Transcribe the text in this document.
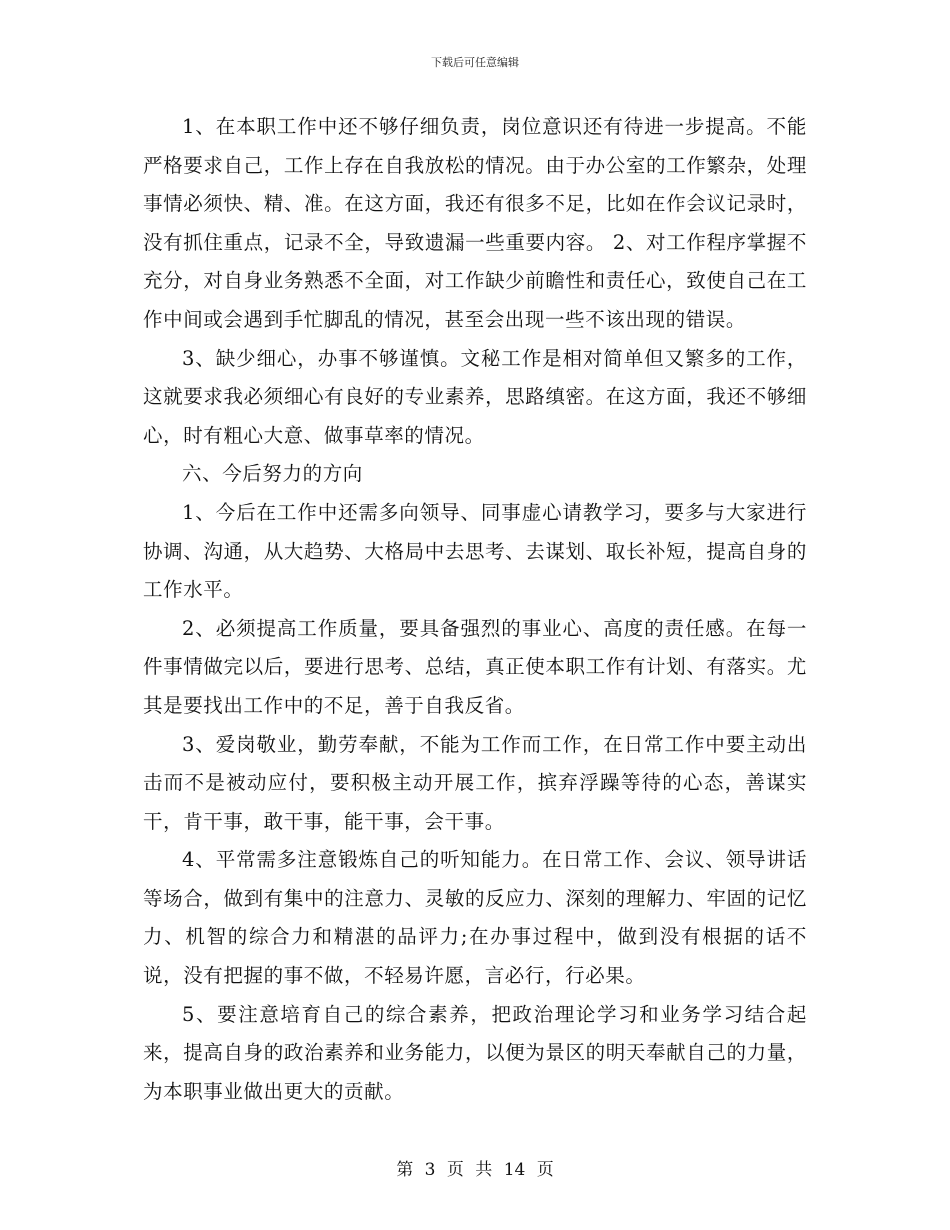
下载后可任意编辑

1、在本职工作中还不够仔细负责，岗位意识还有待进一步提高。不能严格要求自己，工作上存在自我放松的情况。由于办公室的工作繁杂，处理事情必须快、精、准。在这方面，我还有很多不足，比如在作会议记录时，没有抓住重点，记录不全，导致遗漏一些重要内容。 2、对工作程序掌握不充分，对自身业务熟悉不全面，对工作缺少前瞻性和责任心，致使自己在工作中间或会遇到手忙脚乱的情况，甚至会出现一些不该出现的错误。

3、缺少细心，办事不够谨慎。文秘工作是相对简单但又繁多的工作，这就要求我必须细心有良好的专业素养，思路缜密。在这方面，我还不够细心，时有粗心大意、做事草率的情况。

六、今后努力的方向

1、今后在工作中还需多向领导、同事虚心请教学习，要多与大家进行协调、沟通，从大趋势、大格局中去思考、去谋划、取长补短，提高自身的工作水平。

2、必须提高工作质量，要具备强烈的事业心、高度的责任感。在每一件事情做完以后，要进行思考、总结，真正使本职工作有计划、有落实。尤其是要找出工作中的不足，善于自我反省。

3、爱岗敬业，勤劳奉献，不能为工作而工作，在日常工作中要主动出击而不是被动应付，要积极主动开展工作，摈弃浮躁等待的心态，善谋实干，肯干事，敢干事，能干事，会干事。

4、平常需多注意锻炼自己的听知能力。在日常工作、会议、领导讲话等场合，做到有集中的注意力、灵敏的反应力、深刻的理解力、牢固的记忆力、机智的综合力和精湛的品评力;在办事过程中，做到没有根据的话不说，没有把握的事不做，不轻易许愿，言必行，行必果。

5、要注意培育自己的综合素养，把政治理论学习和业务学习结合起来，提高自身的政治素养和业务能力，以便为景区的明天奉献自己的力量，为本职事业做出更大的贡献。

第 3 页 共 14 页
